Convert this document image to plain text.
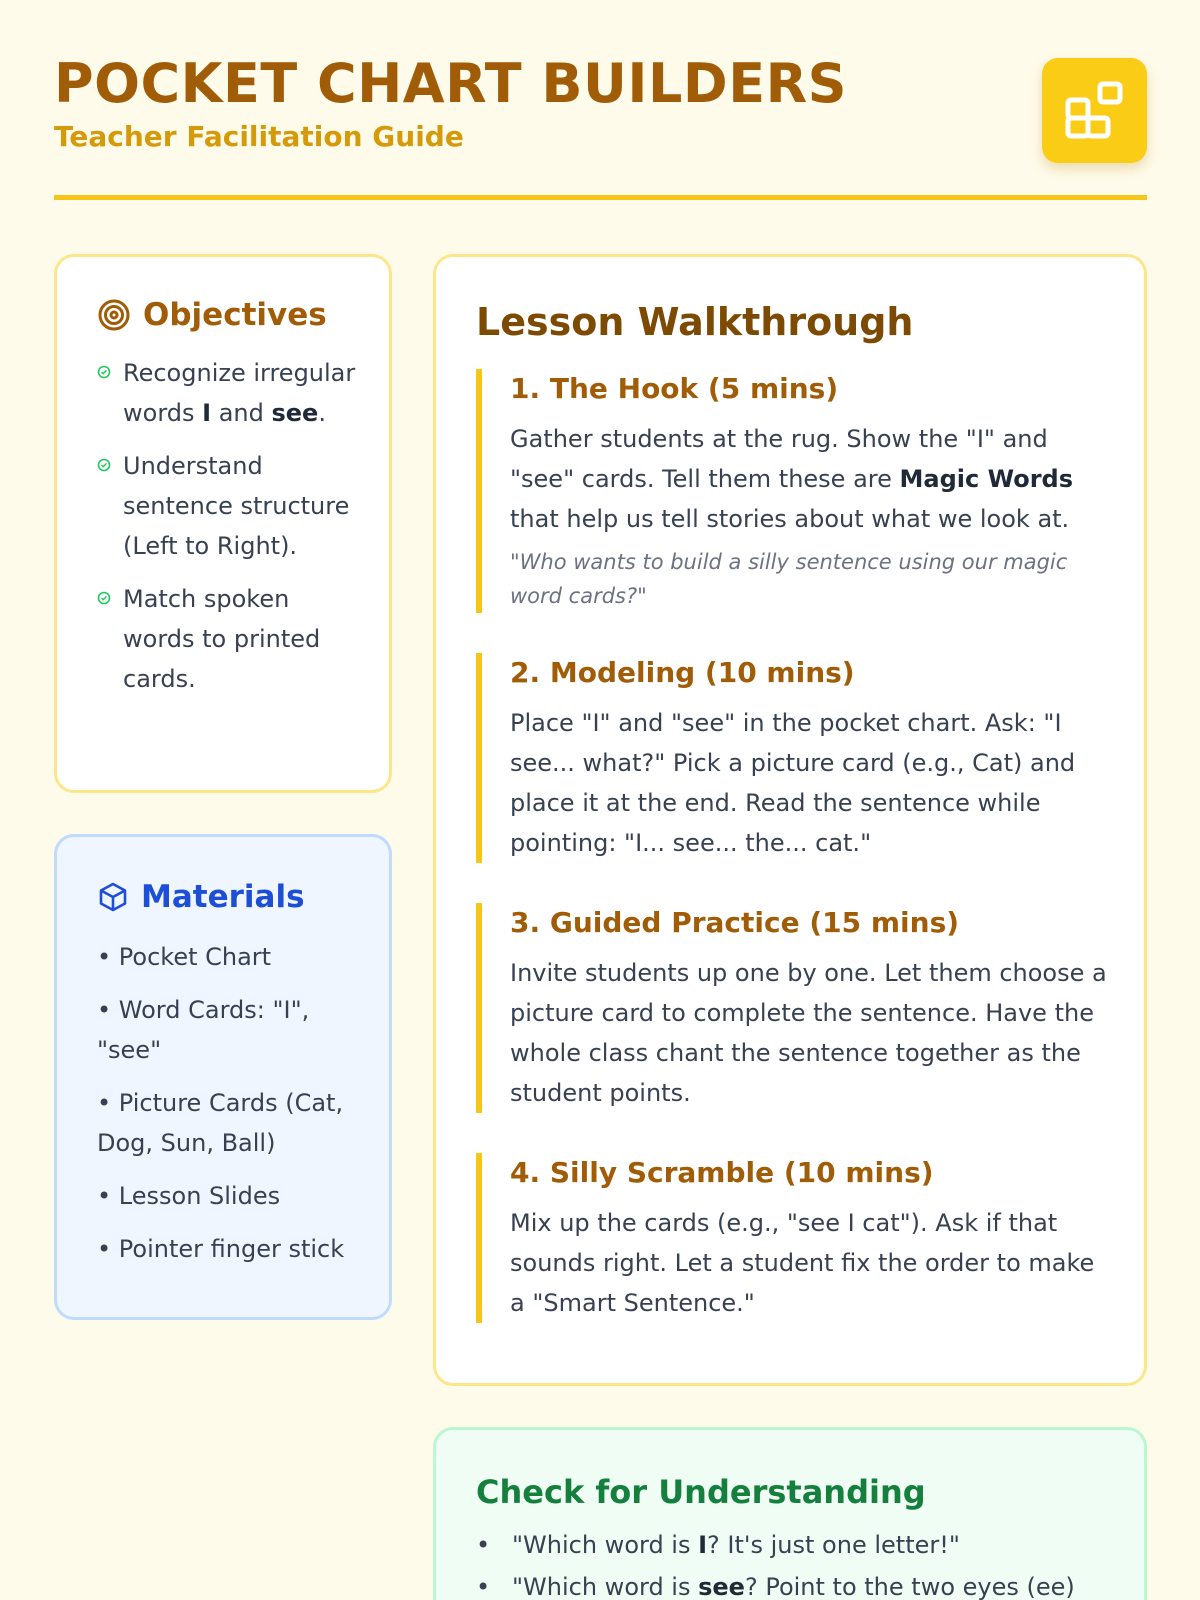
POCKET CHART BUILDERS
Teacher Facilitation Guide
Objectives
Recognize irregular words I and see.
Understand sentence structure (Left to Right).
Match spoken words to printed cards.
Materials
• Pocket Chart
• Word Cards: "I", "see"
• Picture Cards (Cat, Dog, Sun, Ball)
• Lesson Slides
• Pointer finger stick
Lesson Walkthrough
1. The Hook (5 mins)
Gather students at the rug. Show the "I" and "see" cards. Tell them these are Magic Words that help us tell stories about what we look at.
"Who wants to build a silly sentence using our magic word cards?"
2. Modeling (10 mins)
Place "I" and "see" in the pocket chart. Ask: "I see... what?" Pick a picture card (e.g., Cat) and place it at the end. Read the sentence while pointing: "I... see... the... cat."
3. Guided Practice (15 mins)
Invite students up one by one. Let them choose a picture card to complete the sentence. Have the whole class chant the sentence together as the student points.
4. Silly Scramble (10 mins)
Mix up the cards (e.g., "see I cat"). Ask if that sounds right. Let a student fix the order to make a "Smart Sentence."
Check for Understanding
• "Which word is I? It's just one letter!"
• "Which word is see? Point to the two eyes (ee)
